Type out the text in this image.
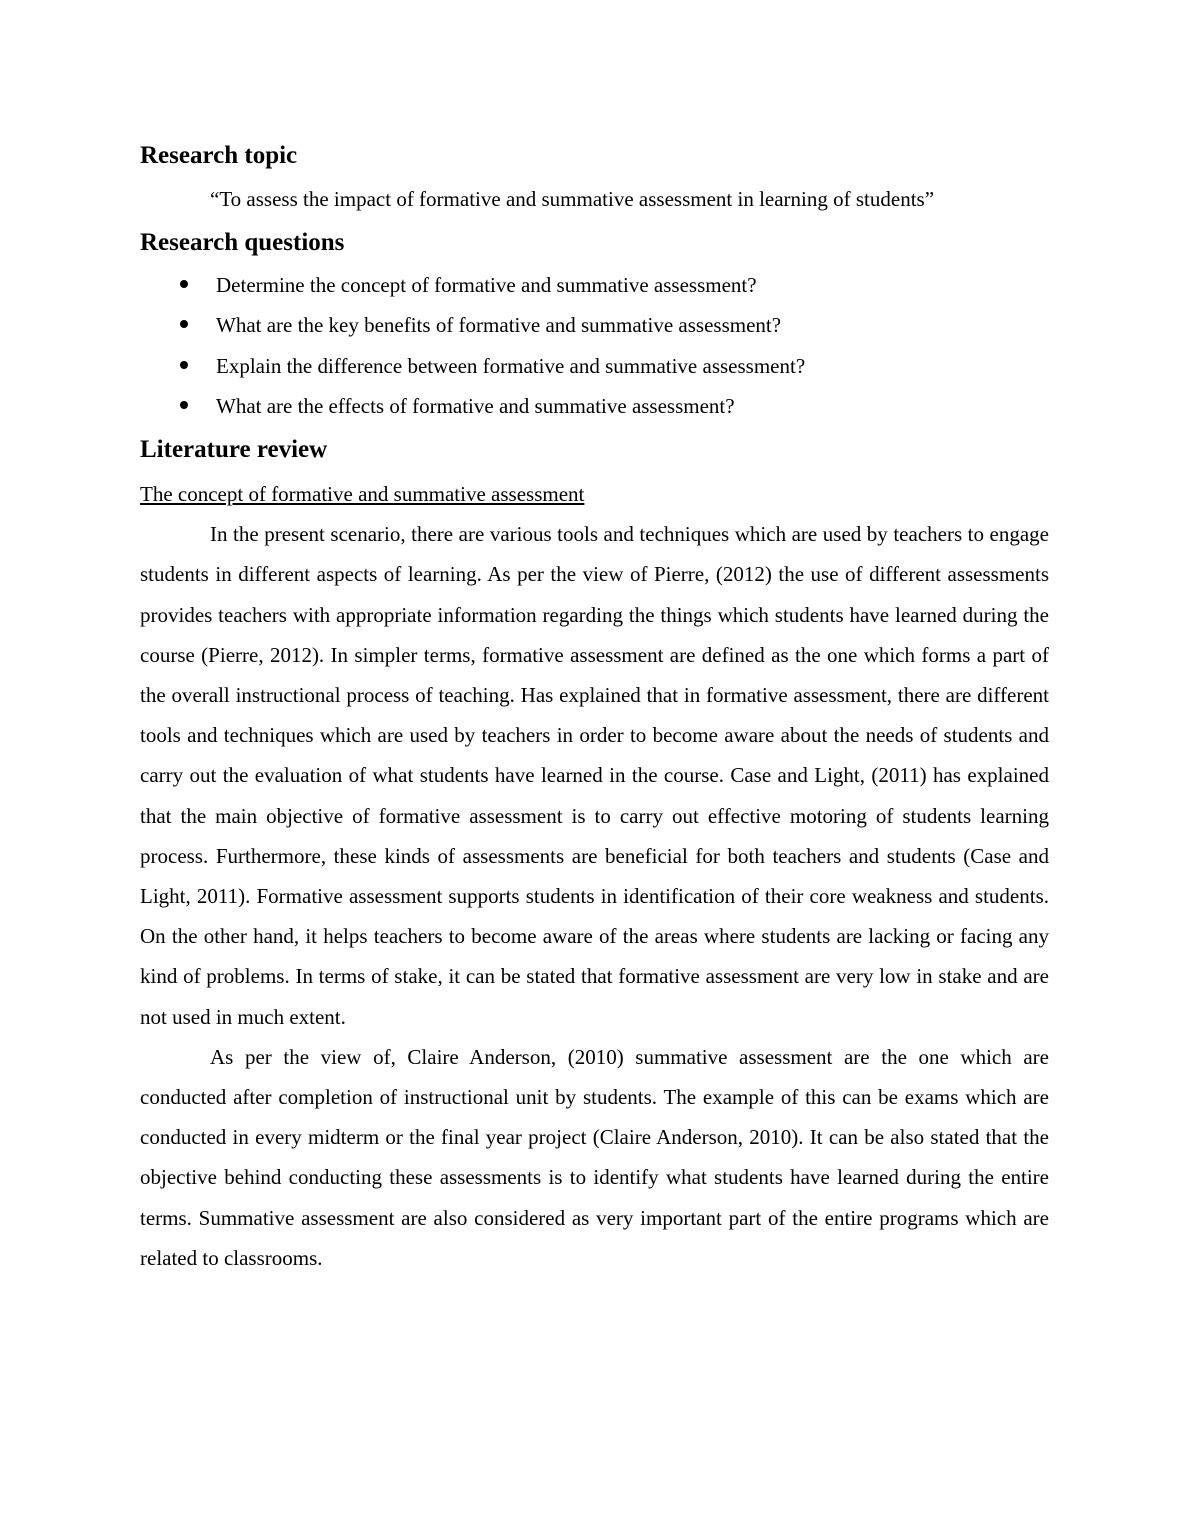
Research topic
“To assess the impact of formative and summative assessment in learning of students”
Research questions
Determine the concept of formative and summative assessment?
What are the key benefits of formative and summative assessment?
Explain the difference between formative and summative assessment?
What are the effects of formative and summative assessment?
Literature review
The concept of formative and summative assessment

In the present scenario, there are various tools and techniques which are used by teachers to engage students in different aspects of learning. As per the view of Pierre, (2012) the use of different assessments provides teachers with appropriate information regarding the things which students have learned during the course (Pierre, 2012). In simpler terms, formative assessment are defined as the one which forms a part of the overall instructional process of teaching. Has explained that in formative assessment, there are different tools and techniques which are used by teachers in order to become aware about the needs of students and carry out the evaluation of what students have learned in the course. Case and Light, (2011) has explained that the main objective of formative assessment is to carry out effective motoring of students learning process. Furthermore, these kinds of assessments are beneficial for both teachers and students (Case and Light, 2011). Formative assessment supports students in identification of their core weakness and students. On the other hand, it helps teachers to become aware of the areas where students are lacking or facing any kind of problems. In terms of stake, it can be stated that formative assessment are very low in stake and are not used in much extent.

As per the view of, Claire Anderson, (2010) summative assessment are the one which are conducted after completion of instructional unit by students. The example of this can be exams which are conducted in every midterm or the final year project (Claire Anderson, 2010). It can be also stated that the objective behind conducting these assessments is to identify what students have learned during the entire terms. Summative assessment are also considered as very important part of the entire programs which are related to classrooms.
